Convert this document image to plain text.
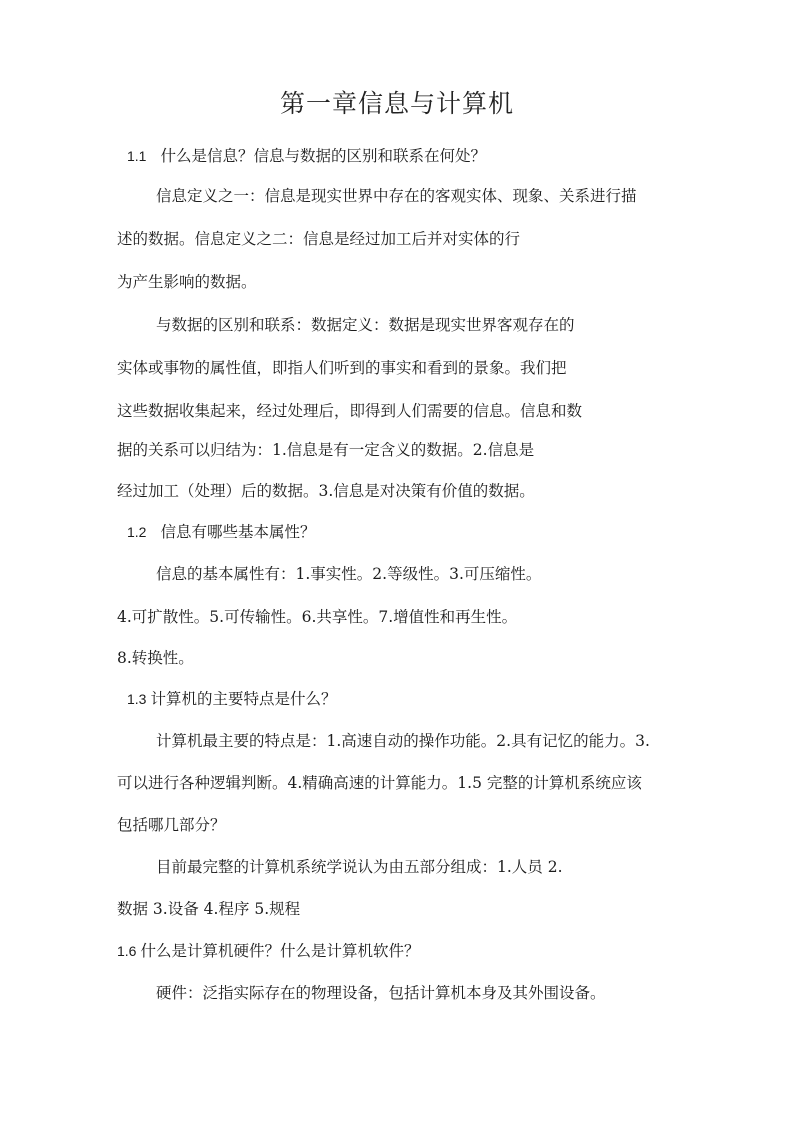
第一章信息与计算机
1.1 什么是信息？信息与数据的区别和联系在何处？
信息定义之一：信息是现实世界中存在的客观实体、现象、关系进行描
述的数据。信息定义之二：信息是经过加工后并对实体的行
为产生影响的数据。
与数据的区别和联系：数据定义：数据是现实世界客观存在的
实体或事物的属性值，即指人们听到的事实和看到的景象。我们把
这些数据收集起来，经过处理后，即得到人们需要的信息。信息和数
据的关系可以归结为：1.信息是有一定含义的数据。2.信息是
经过加工（处理）后的数据。3.信息是对决策有价值的数据。
1.2 信息有哪些基本属性？
信息的基本属性有：1.事实性。2.等级性。3.可压缩性。
4.可扩散性。5.可传输性。6.共享性。7.增值性和再生性。
8.转换性。
1.3 计算机的主要特点是什么？
计算机最主要的特点是：1.高速自动的操作功能。2.具有记忆的能力。3.
可以进行各种逻辑判断。4.精确高速的计算能力。1.5 完整的计算机系统应该
包括哪几部分？
目前最完整的计算机系统学说认为由五部分组成：1.人员 2.
数据 3.设备 4.程序 5.规程
1.6 什么是计算机硬件？什么是计算机软件？
硬件：泛指实际存在的物理设备，包括计算机本身及其外围设备。
